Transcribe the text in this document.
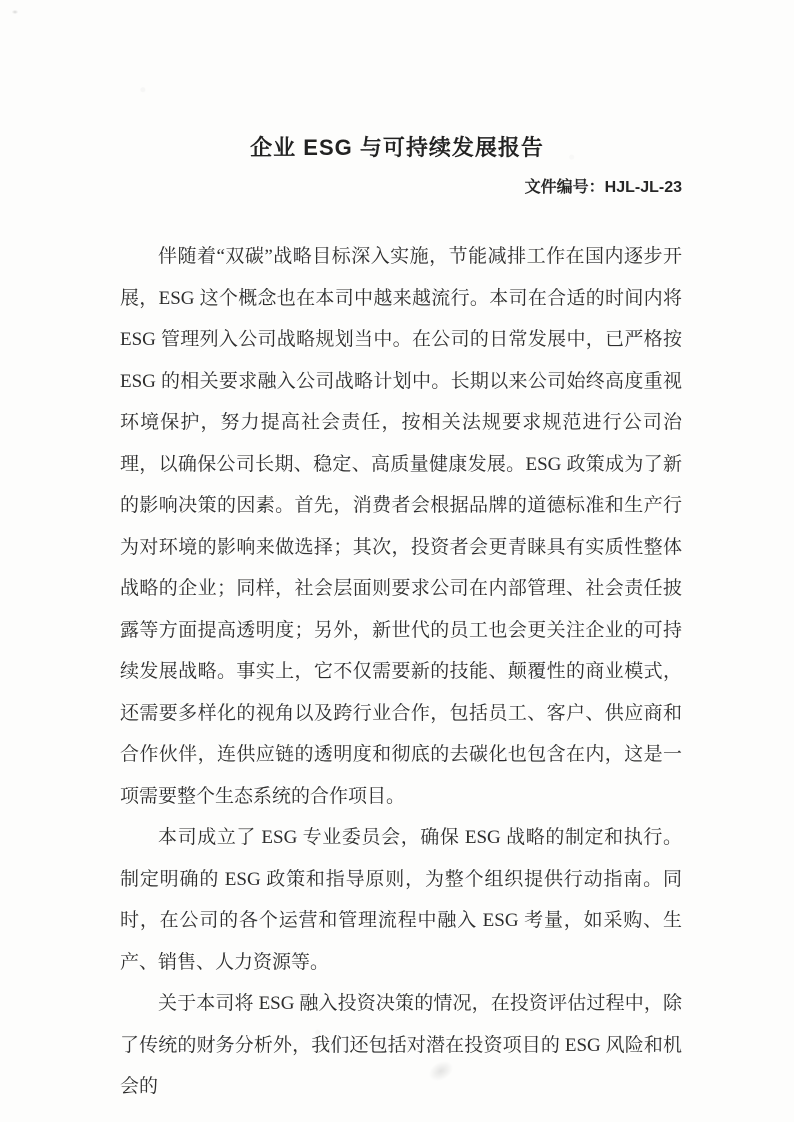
企业 ESG 与可持续发展报告
文件编号：HJL-JL-23

伴随着“双碳”战略目标深入实施，节能减排工作在国内逐步开展，ESG 这个概念也在本司中越来越流行。本司在合适的时间内将 ESG 管理列入公司战略规划当中。在公司的日常发展中，已严格按 ESG 的相关要求融入公司战略计划中。长期以来公司始终高度重视环境保护，努力提高社会责任，按相关法规要求规范进行公司治理，以确保公司长期、稳定、高质量健康发展。ESG 政策成为了新的影响决策的因素。首先，消费者会根据品牌的道德标准和生产行为对环境的影响来做选择；其次，投资者会更青睐具有实质性整体战略的企业；同样，社会层面则要求公司在内部管理、社会责任披露等方面提高透明度；另外，新世代的员工也会更关注企业的可持续发展战略。事实上，它不仅需要新的技能、颠覆性的商业模式，还需要多样化的视角以及跨行业合作，包括员工、客户、供应商和合作伙伴，连供应链的透明度和彻底的去碳化也包含在内，这是一项需要整个生态系统的合作项目。

本司成立了 ESG 专业委员会，确保 ESG 战略的制定和执行。制定明确的 ESG 政策和指导原则，为整个组织提供行动指南。同时，在公司的各个运营和管理流程中融入 ESG 考量，如采购、生产、销售、人力资源等。

关于本司将 ESG 融入投资决策的情况，在投资评估过程中，除了传统的财务分析外，我们还包括对潜在投资项目的 ESG 风险和机会的
